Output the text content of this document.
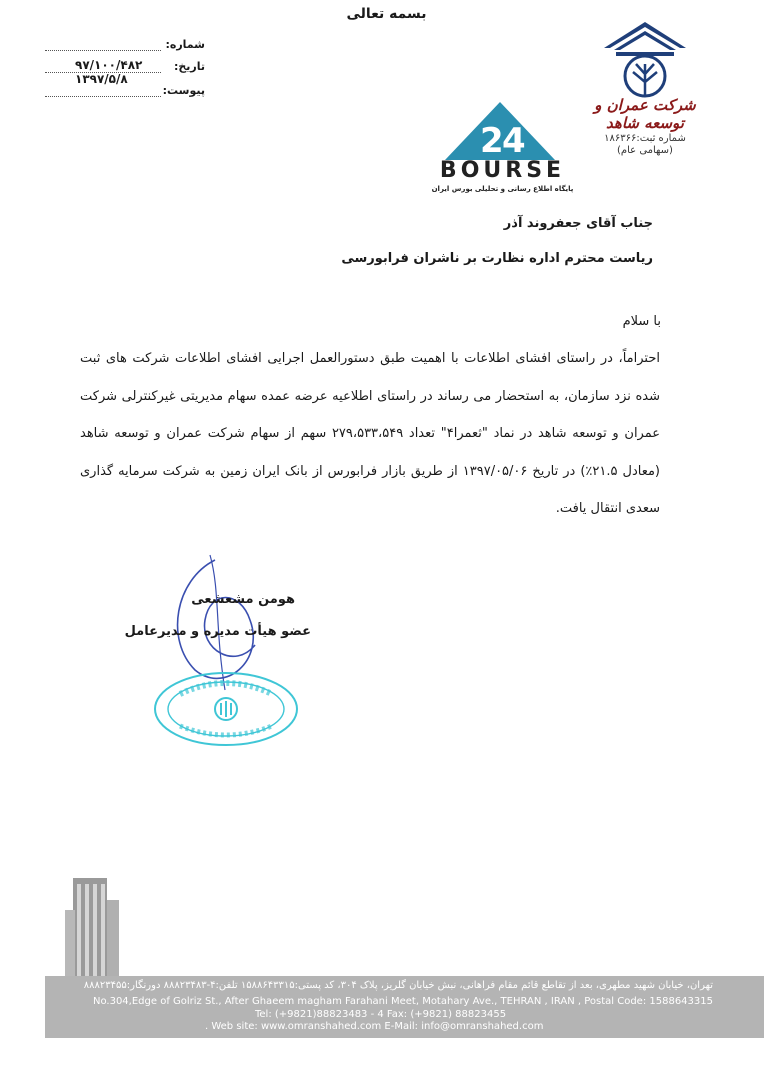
بسمه تعالی
شماره:
تاریخ:
۹۷/۱۰۰/۴۸۲
پیوست:
۱۳۹۷/۵/۸
شرکت عمران و توسعه شاهد
شماره ثبت:۱۸۶۳۶۶
(سهامی عام)
2
4
BOURSE
پایگاه اطلاع رسانی و تحلیلی بورس ایران
جناب آقای جعفروند آذر
ریاست محترم اداره نظارت بر ناشران فرابورسی
با سلام

احتراماً، در راستای افشای اطلاعات با اهمیت طبق دستورالعمل اجرایی افشای اطلاعات شرکت های ثبت شده نزد سازمان، به استحضار می رساند در راستای اطلاعیه عرضه عمده سهام مدیریتی غیرکنترلی شرکت عمران و توسعه شاهد در نماد "ثعمرا۴" تعداد ۲۷۹،۵۳۳،۵۴۹ سهم از سهام شرکت عمران و توسعه شاهد (معادل ۲۱.۵٪) در تاریخ ۱۳۹۷/۰۵/۰۶ از طریق بازار فرابورس از بانک ایران زمین به شرکت سرمایه گذاری سعدی انتقال یافت.

هومن مشعشعی
عضو هیأت مدیره و مدیرعامل
تهران، خیابان شهید مطهری، بعد از تقاطع قائم مقام فراهانی، نبش خیابان گلریز، پلاک ۳۰۴، کد پستی:۱۵۸۸۶۴۳۳۱۵ تلفن:۴-۸۸۸۲۳۴۸۳ دورنگار:۸۸۸۲۳۴۵۵
No.304,Edge of Golriz St., After Ghaeem magham Farahani Meet, Motahary Ave., TEHRAN , IRAN , Postal Code: 1588643315
Tel: (+9821)88823483 - 4 Fax: (+9821) 88823455
. Web site: www.omranshahed.com E-Mail: info@omranshahed.com
